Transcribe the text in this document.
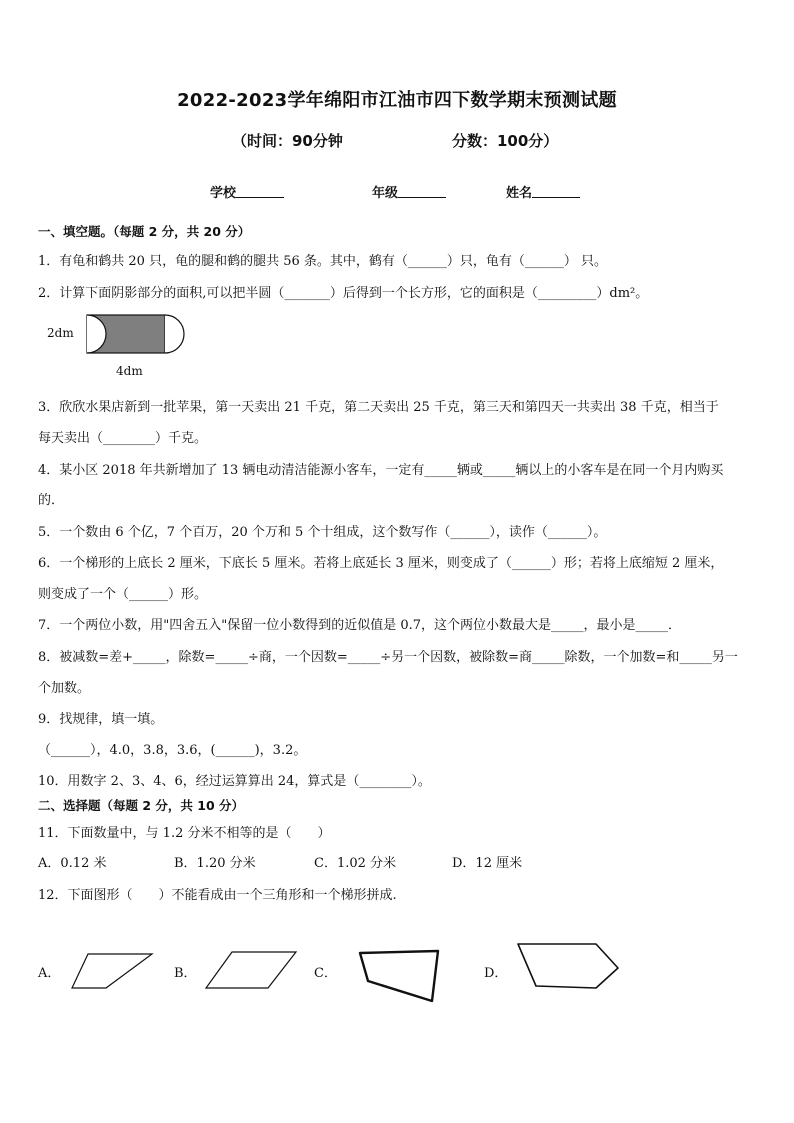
2022-2023学年绵阳市江油市四下数学期末预测试题
（时间：90分钟	分数：100分）
学校	年级	姓名
一、填空题。（每题 2 分，共 20 分）
1．有龟和鹤共 20 只，龟的腿和鹤的腿共 56 条。其中，鹤有（______）只，龟有（______） 只。
2．计算下面阴影部分的面积,可以把半圆（_______）后得到一个长方形，它的面积是（_________）dm²。
2dm
4dm
3．欣欣水果店新到一批苹果，第一天卖出 21 千克，第二天卖出 25 千克，第三天和第四天一共卖出 38 千克，相当于
每天卖出（________）千克。
4．某小区 2018 年共新增加了 13 辆电动清洁能源小客车，一定有_____辆或_____辆以上的小客车是在同一个月内购买
的．
5．一个数由 6 个亿，7 个百万，20 个万和 5 个十组成，这个数写作（______），读作（______）。
6．一个梯形的上底长 2 厘米，下底长 5 厘米。若将上底延长 3 厘米，则变成了（______）形；若将上底缩短 2 厘米，
则变成了一个（______）形。
7．一个两位小数，用"四舍五入"保留一位小数得到的近似值是 0.7，这个两位小数最大是_____，最小是_____．
8．被减数=差+_____，除数=_____÷商，一个因数=_____÷另一个因数，被除数=商_____除数，一个加数=和_____另一
个加数。
9．找规律，填一填。
（______），4.0，3.8，3.6，(______)，3.2。
10．用数字 2、3、4、6，经过运算算出 24，算式是（________）。
二、选择题（每题 2 分，共 10 分）
11．下面数量中，与 1.2 分米不相等的是（　　）
A．0.12 米	B．1.20 分米	C．1.02 分米	D．12 厘米
12．下面图形（　　）不能看成由一个三角形和一个梯形拼成.
A．	B．	C．	D．
